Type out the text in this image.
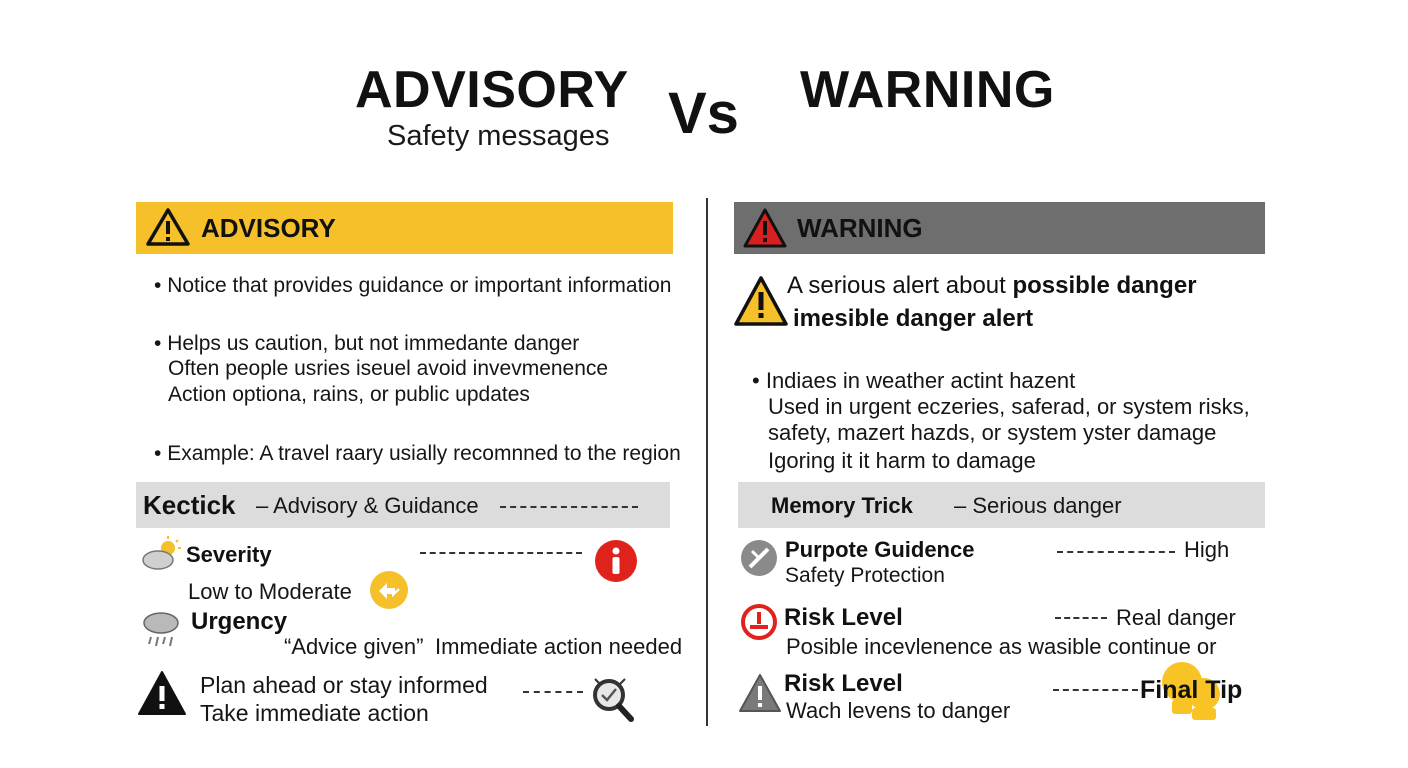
ADVISORY
Safety messages Vs WARNING
ADVISORY
• Notice that provides guidance or important information
• Helps us caution, but not immedante danger
Often people usries iseuel avoid invevmenence
Action optiona, rains, or public updates
• Example: A travel raary usially recomnned to the region
Kectick – Advisory & Guidance
Severity
Low to Moderate
Urgency
“Advice given” Immediate action needed
Plan ahead or stay informed
Take immediate action
WARNING
A serious alert about possible danger
imesible danger alert
• Indiaes in weather actint hazent
Used in urgent eczeries, saferad, or system risks,
safety, mazert hazds, or system yster damage
Igoring it it harm to damage
Memory Trick – Serious danger
Purpote Guidence
Safety Protection
High
Risk Level	Real danger
Posible incevlenence as wasible continue or
Risk Level
Wach levens to danger
Final Tip
